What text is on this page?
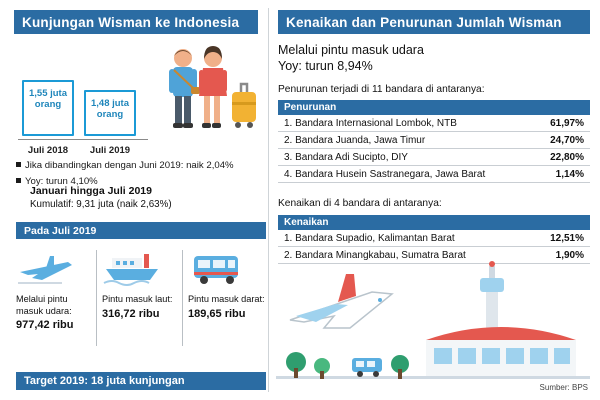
Kunjungan Wisman ke Indonesia
1,55 juta orang	1,48 juta orang
Juli 2018	Juli 2019
Jika dibandingkan dengan Juni 2019: naik 2,04%
Yoy: turun 4,10%
Januari hingga Juli 2019
Kumulatif: 9,31 juta (naik 2,63%)
Pada Juli 2019
Melalui pintu masuk udara:
977,42 ribu
Pintu masuk laut:
316,72 ribu
Pintu masuk darat:
189,65 ribu
Target 2019: 18 juta kunjungan
Kenaikan dan Penurunan Jumlah Wisman
Melalui pintu masuk udara
Yoy: turun 8,94%
Penurunan terjadi di 11 bandara di antaranya:
Penurunan
1. Bandara Internasional Lombok, NTB	61,97%
2. Bandara Juanda, Jawa Timur	24,70%
3. Bandara Adi Sucipto, DIY	22,80%
4. Bandara Husein Sastranegara, Jawa Barat	1,14%
Kenaikan di 4 bandara di antaranya:
Kenaikan
1. Bandara Supadio, Kalimantan Barat	12,51%
2. Bandara Minangkabau, Sumatra Barat	1,90%
Sumber: BPS
